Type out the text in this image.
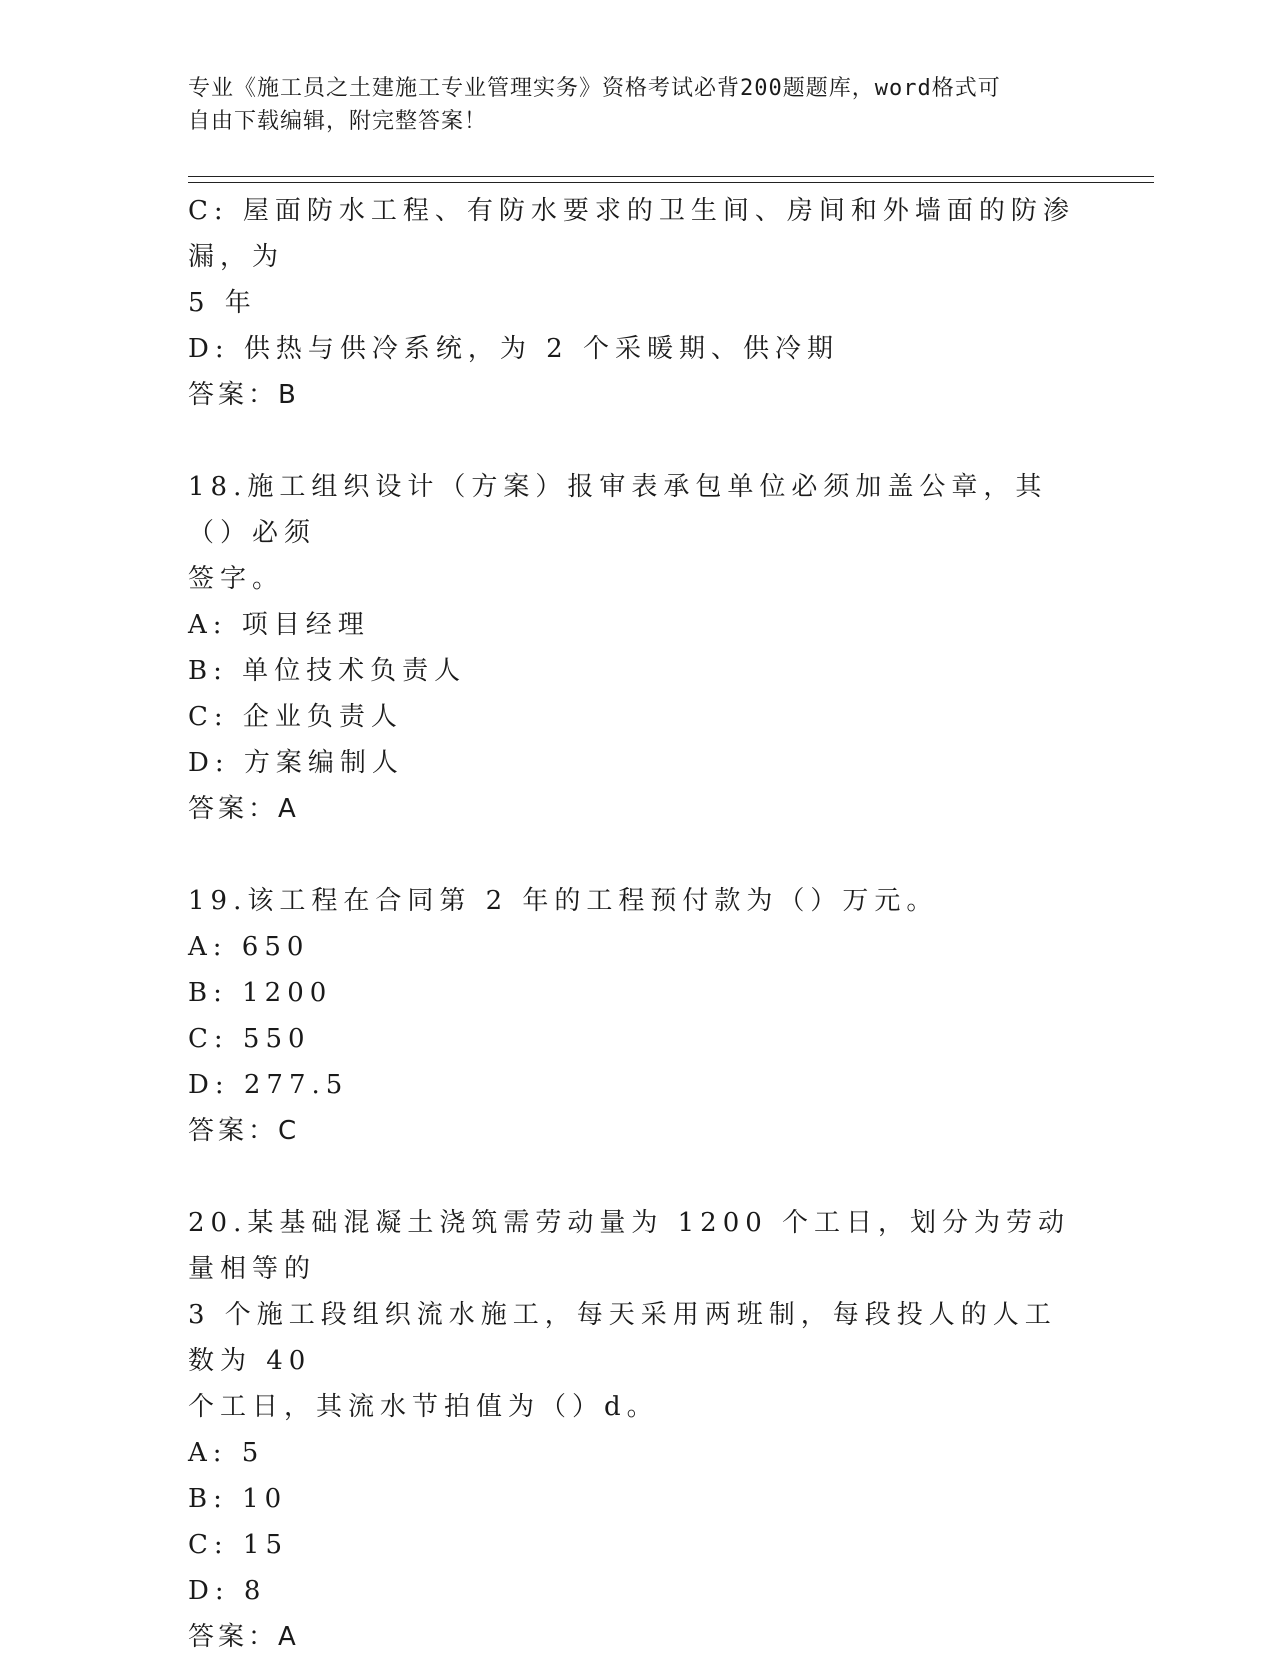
专业《施工员之土建施工专业管理实务》资格考试必背200题题库，word格式可
自由下载编辑，附完整答案！
C: 屋面防水工程、有防水要求的卫生间、房间和外墙面的防渗漏，为
5 年
D: 供热与供冷系统，为 2 个采暖期、供冷期
答案：B
18.施工组织设计（方案）报审表承包单位必须加盖公章，其（）必须
签字。
A: 项目经理
B: 单位技术负责人
C: 企业负责人
D: 方案编制人
答案：A
19.该工程在合同第 2 年的工程预付款为（）万元。
A: 650
B: 1200
C: 550
D: 277.5
答案：C
20.某基础混凝土浇筑需劳动量为 1200 个工日，划分为劳动量相等的
3 个施工段组织流水施工，每天采用两班制，每段投人的人工数为 40
个工日，其流水节拍值为（）d。
A: 5
B: 10
C: 15
D: 8
答案：A
